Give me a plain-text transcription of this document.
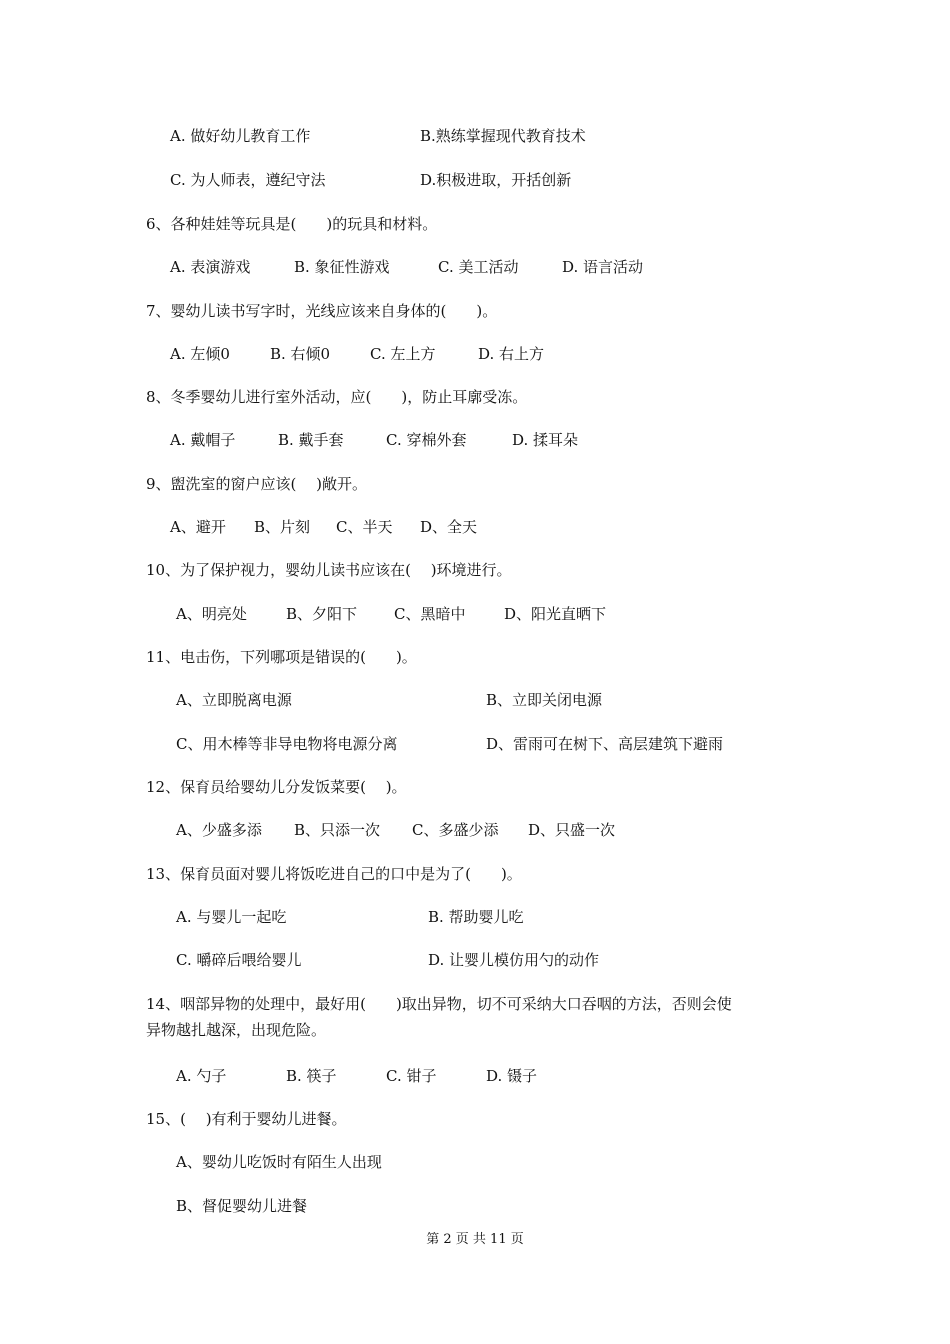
A. 做好幼儿教育工作	B.熟练掌握现代教育技术
C. 为人师表，遵纪守法	D.积极进取，开括创新
6、各种娃娃等玩具是(　　)的玩具和材料。
A. 表演游戏	B. 象征性游戏	C. 美工活动	D. 语言活动
7、婴幼儿读书写字时，光线应该来自身体的(　　)。
A. 左倾0	B. 右倾0	C. 左上方	D. 右上方
8、冬季婴幼儿进行室外活动，应(　　)，防止耳廓受冻。
A. 戴帽子	B. 戴手套	C. 穿棉外套	D. 揉耳朵
9、盥洗室的窗户应该(　 )敞开。
A、避开 B、片刻 C、半天 D、全天
10、为了保护视力，婴幼儿读书应该在(　 )环境进行。
A、明亮处	B、夕阳下 C、黑暗中	D、阳光直晒下
11、电击伤，下列哪项是错误的(　　)。
A、立即脱离电源	B、立即关闭电源
C、用木棒等非导电物将电源分离	D、雷雨可在树下、高层建筑下避雨
12、保育员给婴幼儿分发饭菜要(　 )。
A、少盛多添 B、只添一次 C、多盛少添 D、只盛一次
13、保育员面对婴儿将饭吃进自己的口中是为了(　　)。
A. 与婴儿一起吃	B. 帮助婴儿吃
C. 嚼碎后喂给婴儿	D. 让婴儿模仿用勺的动作
14、咽部异物的处理中，最好用(　　)取出异物，切不可采纳大口吞咽的方法，否则会使
异物越扎越深，出现危险。
A. 勺子	B. 筷子	C. 钳子	D. 镊子
15、(　 )有利于婴幼儿进餐。
A、婴幼儿吃饭时有陌生人出现
B、督促婴幼儿进餐
第 2 页 共 11 页
